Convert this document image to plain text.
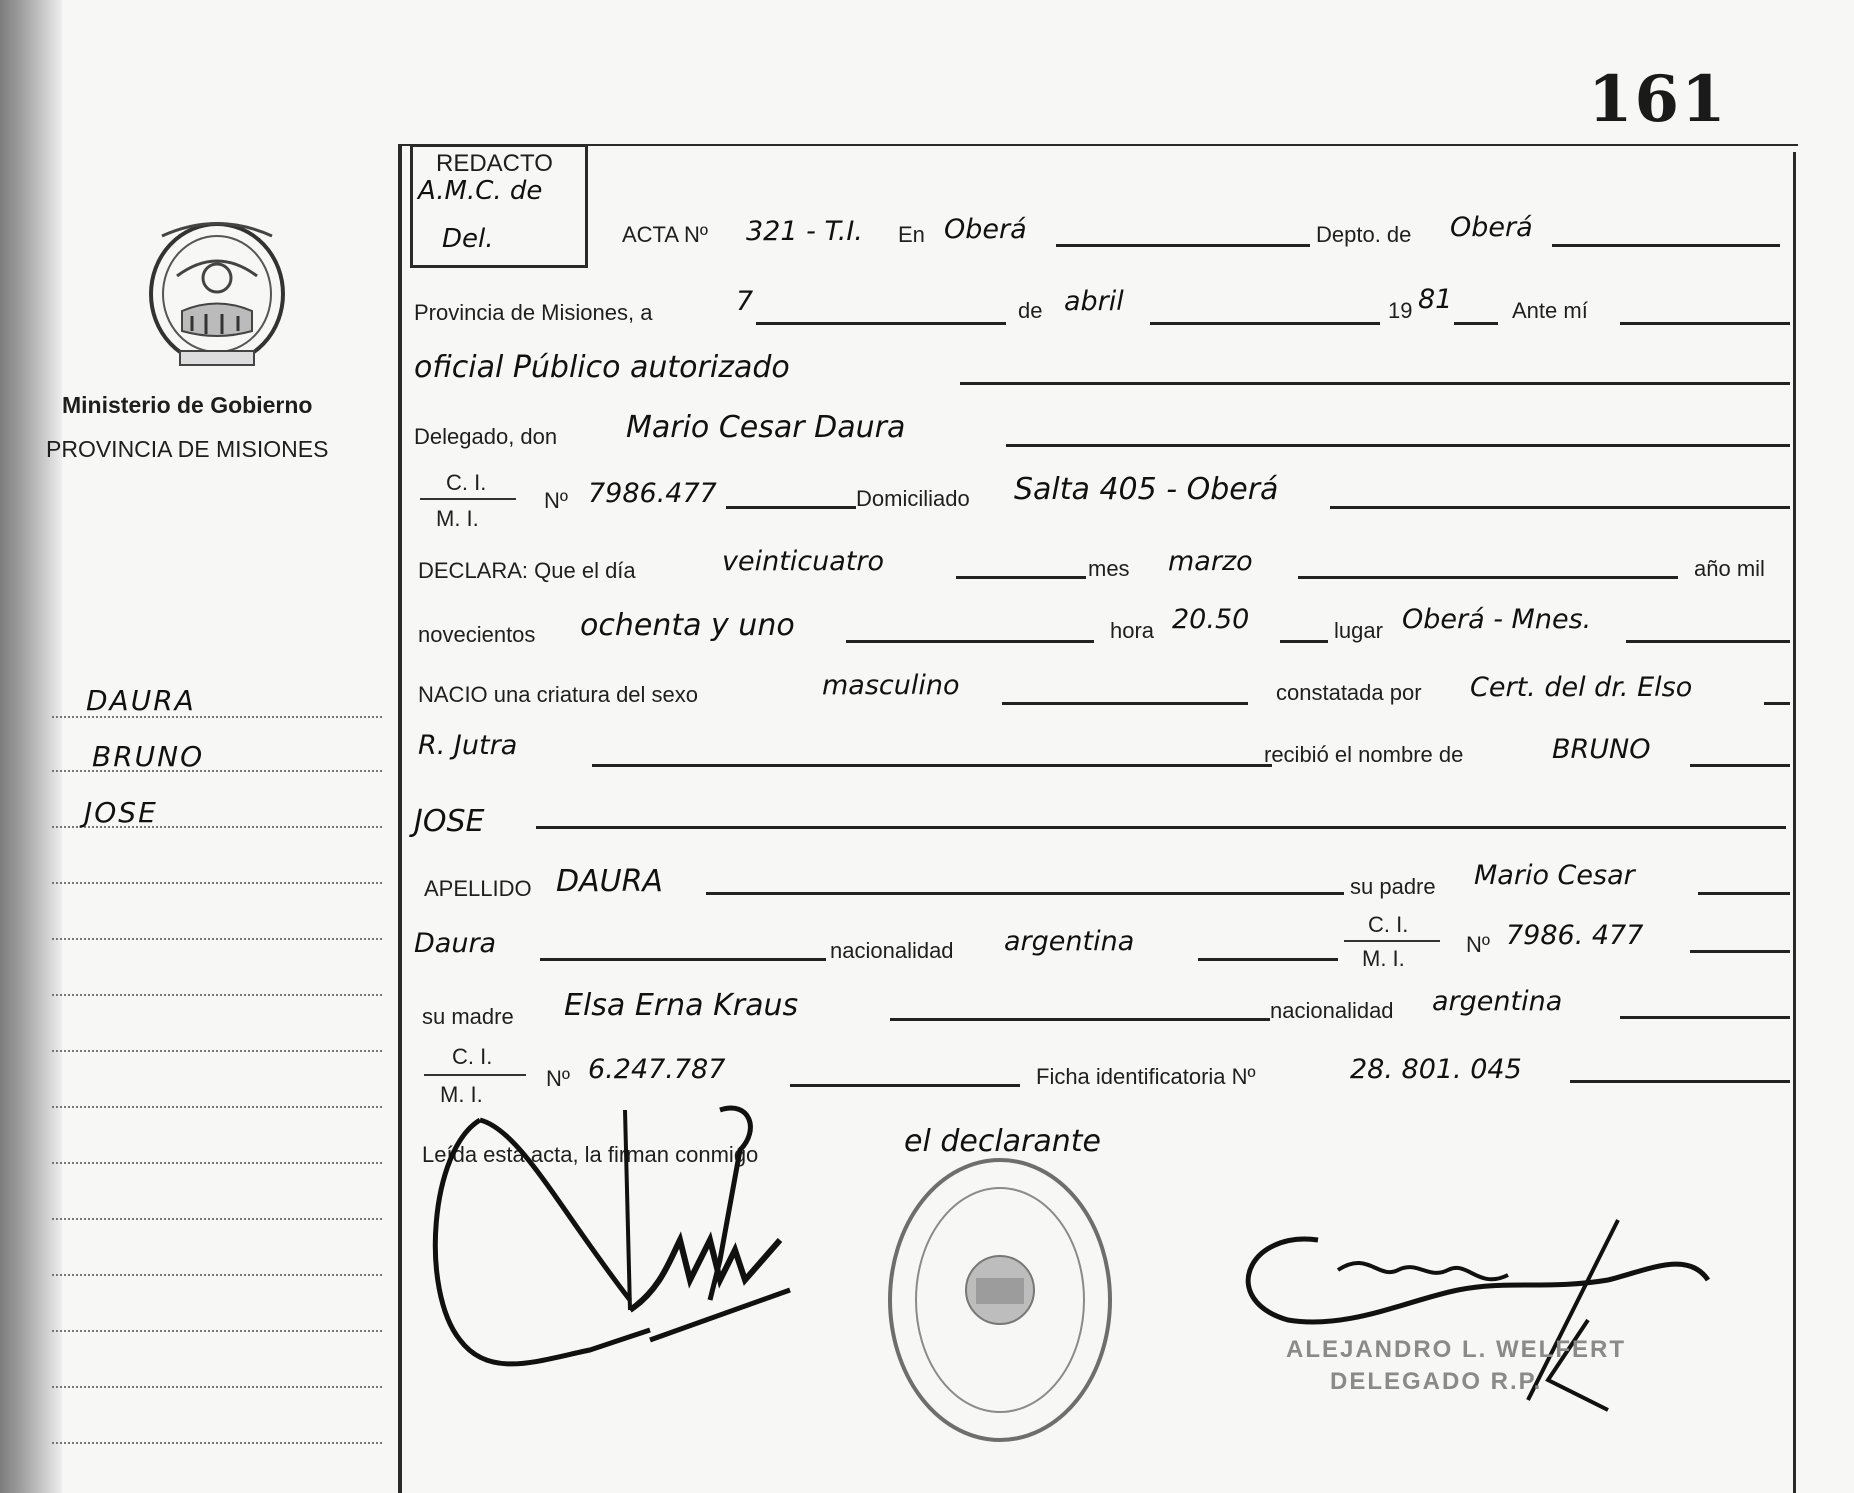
161
Ministerio de Gobierno
PROVINCIA DE MISIONES
DAURA
BRUNO
JOSE
REDACTO
A.M.C. de
Del.	ACTA Nº 321 - T.I. En Oberá	Depto. de Oberá
Provincia de Misiones, a	7	de abril	19 81	Ante mí
oficial Público autorizado
Delegado, don Mario Cesar Daura
C. I.
M. I.
Nº 7986.477	Domiciliado Salta 405 - Oberá
DECLARA: Que el día	veinticuatro	mes marzo	año mil
novecientos ochenta y uno	hora 20.50	lugar Oberá - Mnes.
NACIO una criatura del sexo	masculino	constatada por Cert. del dr. Elso
R. Jutra	recibió el nombre de	BRUNO
JOSE
APELLIDO DAURA	su padre Mario Cesar
Daura	nacionalidad argentina
C. I.
M. I.
Nº 7986. 477
su madre Elsa Erna Kraus	nacionalidad argentina
C. I.
M. I.
Nº 6.247.787	Ficha identificatoria Nº	28. 801. 045
Leída esta acta, la firman conmigo	el declarante
ALEJANDRO L. WELFERT
DELEGADO R.P.
